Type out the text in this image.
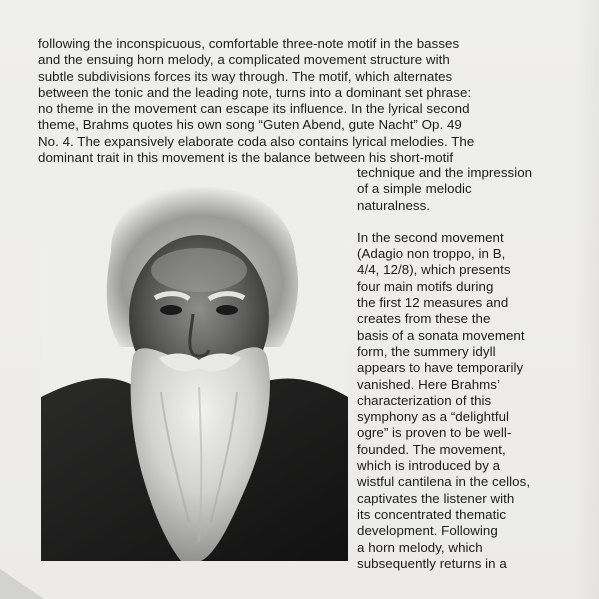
following the inconspicuous, comfortable three-note motif in the basses
and the ensuing horn melody, a complicated movement structure with
subtle subdivisions forces its way through. The motif, which alternates
between the tonic and the leading note, turns into a dominant set phrase:
no theme in the movement can escape its influence. In the lyrical second
theme, Brahms quotes his own song “Guten Abend, gute Nacht” Op. 49
No. 4. The expansively elaborate coda also contains lyrical melodies. The
dominant trait in this movement is the balance between his short-motif

technique and the impression
of a simple melodic
naturalness.
In the second movement
(Adagio non troppo, in B,
4/4, 12/8), which presents
four main motifs during
the first 12 measures and
creates from these the
basis of a sonata movement
form, the summery idyll
appears to have temporarily
vanished. Here Brahms’
characterization of this
symphony as a “delightful
ogre” is proven to be well-
founded. The movement,
which is introduced by a
wistful cantilena in the cellos,
captivates the listener with
its concentrated thematic
development. Following
a horn melody, which
subsequently returns in a
